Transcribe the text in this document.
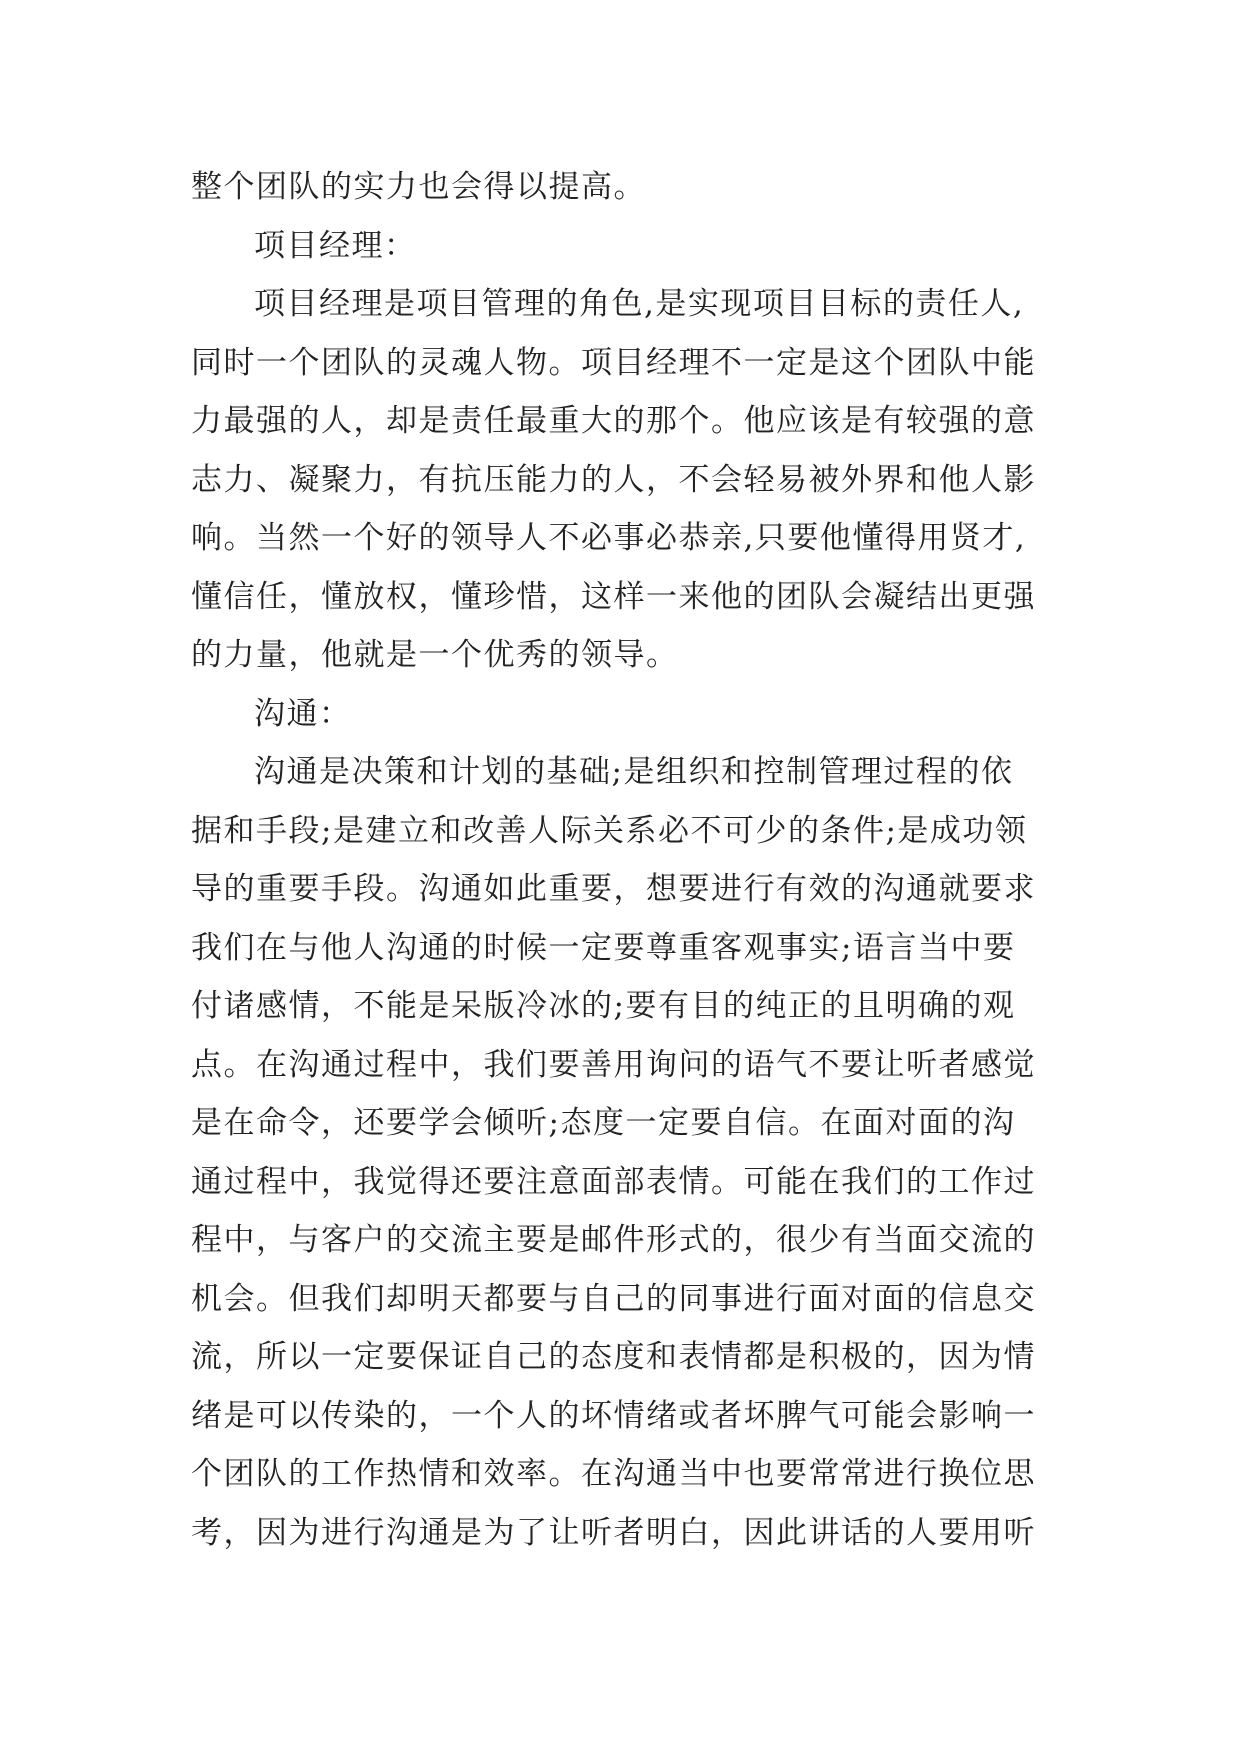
整个团队的实力也会得以提高。
项目经理：
项目经理是项目管理的角色,是实现项目目标的责任人,
同时一个团队的灵魂人物。项目经理不一定是这个团队中能
力最强的人，却是责任最重大的那个。他应该是有较强的意
志力、凝聚力，有抗压能力的人，不会轻易被外界和他人影
响。当然一个好的领导人不必事必恭亲,只要他懂得用贤才,
懂信任，懂放权，懂珍惜，这样一来他的团队会凝结出更强
的力量，他就是一个优秀的领导。
沟通：
沟通是决策和计划的基础;是组织和控制管理过程的依
据和手段;是建立和改善人际关系必不可少的条件;是成功领
导的重要手段。沟通如此重要，想要进行有效的沟通就要求
我们在与他人沟通的时候一定要尊重客观事实;语言当中要
付诸感情，不能是呆版冷冰的;要有目的纯正的且明确的观
点。在沟通过程中，我们要善用询问的语气不要让听者感觉
是在命令，还要学会倾听;态度一定要自信。在面对面的沟
通过程中，我觉得还要注意面部表情。可能在我们的工作过
程中，与客户的交流主要是邮件形式的，很少有当面交流的
机会。但我们却明天都要与自己的同事进行面对面的信息交
流，所以一定要保证自己的态度和表情都是积极的，因为情
绪是可以传染的，一个人的坏情绪或者坏脾气可能会影响一
个团队的工作热情和效率。在沟通当中也要常常进行换位思
考，因为进行沟通是为了让听者明白，因此讲话的人要用听
